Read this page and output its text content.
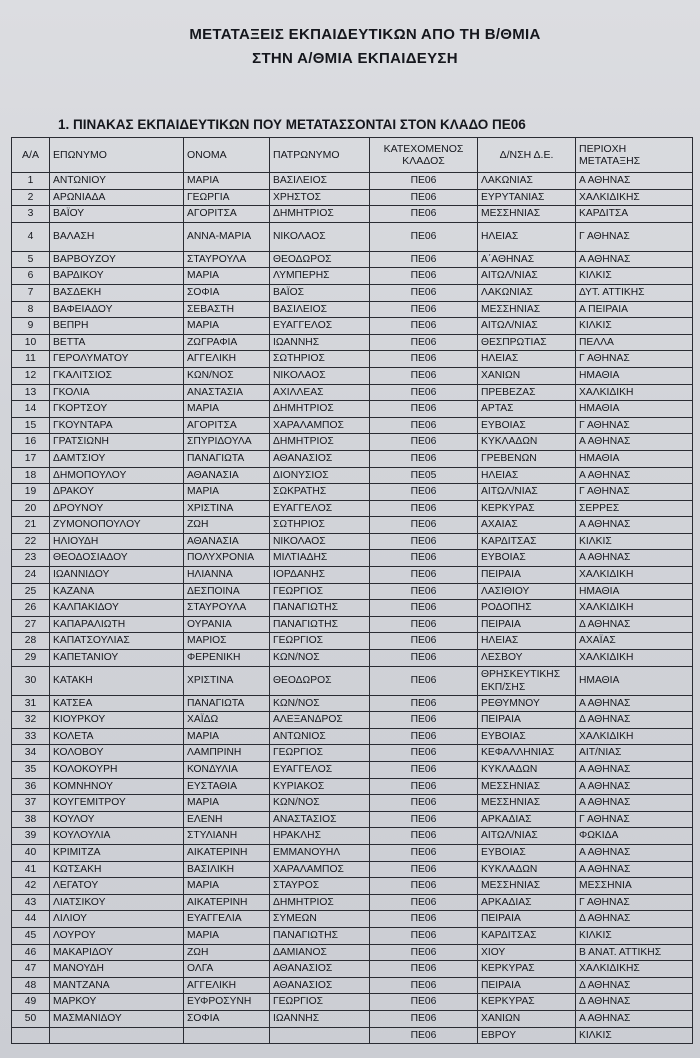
ΜΕΤΑΤΑΞΕΙΣ ΕΚΠΑΙΔΕΥΤΙΚΩΝ ΑΠΟ ΤΗ Β/ΘΜΙΑ
ΣΤΗΝ Α/ΘΜΙΑ ΕΚΠΑΙΔΕΥΣΗ
1. ΠΙΝΑΚΑΣ ΕΚΠΑΙΔΕΥΤΙΚΩΝ ΠΟΥ ΜΕΤΑΤΑΣΣΟΝΤΑΙ ΣΤΟΝ ΚΛΑΔΟ ΠΕ06
Α/Α	ΕΠΩΝΥΜΟ	ΟΝΟΜΑ	ΠΑΤΡΩΝΥΜΟ	ΚΑΤΕΧΟΜΕΝΟΣ ΚΛΑΔΟΣ	Δ/ΝΣΗ Δ.Ε.	ΠΕΡΙΟΧΗ ΜΕΤΑΤΑΞΗΣ
1	ΑΝΤΩΝΙΟΥ	ΜΑΡΙΑ	ΒΑΣΙΛΕΙΟΣ	ΠΕ06	ΛΑΚΩΝΙΑΣ	Α ΑΘΗΝΑΣ
2	ΑΡΩΝΙΑΔΑ	ΓΕΩΡΓΙΑ	ΧΡΗΣΤΟΣ	ΠΕ06	ΕΥΡΥΤΑΝΙΑΣ	ΧΑΛΚΙΔΙΚΗΣ
3	ΒΑΪΟΥ	ΑΓΟΡΙΤΣΑ	ΔΗΜΗΤΡΙΟΣ	ΠΕ06	ΜΕΣΣΗΝΙΑΣ	ΚΑΡΔΙΤΣΑ
4	ΒΑΛΑΣΗ	ΑΝΝΑ-ΜΑΡΙΑ	ΝΙΚΟΛΑΟΣ	ΠΕ06	ΗΛΕΙΑΣ	Γ ΑΘΗΝΑΣ
5	ΒΑΡΒΟΥΖΟΥ	ΣΤΑΥΡΟΥΛΑ	ΘΕΟΔΩΡΟΣ	ΠΕ06	Α΄ΑΘΗΝΑΣ	Α ΑΘΗΝΑΣ
6	ΒΑΡΔΙΚΟΥ	ΜΑΡΙΑ	ΛΥΜΠΕΡΗΣ	ΠΕ06	ΑΙΤΩΛ/ΝΙΑΣ	ΚΙΛΚΙΣ
7	ΒΑΣΔΕΚΗ	ΣΟΦΙΑ	ΒΑΪΟΣ	ΠΕ06	ΛΑΚΩΝΙΑΣ	ΔΥΤ. ΑΤΤΙΚΗΣ
8	ΒΑΦΕΙΑΔΟΥ	ΣΕΒΑΣΤΗ	ΒΑΣΙΛΕΙΟΣ	ΠΕ06	ΜΕΣΣΗΝΙΑΣ	Α ΠΕΙΡΑΙΑ
9	ΒΕΠΡΗ	ΜΑΡΙΑ	ΕΥΑΓΓΕΛΟΣ	ΠΕ06	ΑΙΤΩΛ/ΝΙΑΣ	ΚΙΛΚΙΣ
10	ΒΕΤΤΑ	ΖΩΓΡΑΦΙΑ	ΙΩΑΝΝΗΣ	ΠΕ06	ΘΕΣΠΡΩΤΙΑΣ	ΠΕΛΛΑ
11	ΓΕΡΟΛΥΜΑΤΟΥ	ΑΓΓΕΛΙΚΗ	ΣΩΤΗΡΙΟΣ	ΠΕ06	ΗΛΕΙΑΣ	Γ ΑΘΗΝΑΣ
12	ΓΚΑΛΙΤΣΙΟΣ	ΚΩΝ/ΝΟΣ	ΝΙΚΟΛΑΟΣ	ΠΕ06	ΧΑΝΙΩΝ	ΗΜΑΘΙΑ
13	ΓΚΟΛΙΑ	ΑΝΑΣΤΑΣΙΑ	ΑΧΙΛΛΕΑΣ	ΠΕ06	ΠΡΕΒΕΖΑΣ	ΧΑΛΚΙΔΙΚΗ
14	ΓΚΟΡΤΣΟΥ	ΜΑΡΙΑ	ΔΗΜΗΤΡΙΟΣ	ΠΕ06	ΑΡΤΑΣ	ΗΜΑΘΙΑ
15	ΓΚΟΥΝΤΑΡΑ	ΑΓΟΡΙΤΣΑ	ΧΑΡΑΛΑΜΠΟΣ	ΠΕ06	ΕΥΒΟΙΑΣ	Γ ΑΘΗΝΑΣ
16	ΓΡΑΤΣΙΩΝΗ	ΣΠΥΡΙΔΟΥΛΑ	ΔΗΜΗΤΡΙΟΣ	ΠΕ06	ΚΥΚΛΑΔΩΝ	Α ΑΘΗΝΑΣ
17	ΔΑΜΤΣΙΟΥ	ΠΑΝΑΓΙΩΤΑ	ΑΘΑΝΑΣΙΟΣ	ΠΕ06	ΓΡΕΒΕΝΩΝ	ΗΜΑΘΙΑ
18	ΔΗΜΟΠΟΥΛΟΥ	ΑΘΑΝΑΣΙΑ	ΔΙΟΝΥΣΙΟΣ	ΠΕ05	ΗΛΕΙΑΣ	Α ΑΘΗΝΑΣ
19	ΔΡΑΚΟΥ	ΜΑΡΙΑ	ΣΩΚΡΑΤΗΣ	ΠΕ06	ΑΙΤΩΛ/ΝΙΑΣ	Γ ΑΘΗΝΑΣ
20	ΔΡΟΥΝΟΥ	ΧΡΙΣΤΙΝΑ	ΕΥΑΓΓΕΛΟΣ	ΠΕ06	ΚΕΡΚΥΡΑΣ	ΣΕΡΡΕΣ
21	ΖΥΜΟΝΟΠΟΥΛΟΥ	ΖΩΗ	ΣΩΤΗΡΙΟΣ	ΠΕ06	ΑΧΑΙΑΣ	Α ΑΘΗΝΑΣ
22	ΗΛΙΟΥΔΗ	ΑΘΑΝΑΣΙΑ	ΝΙΚΟΛΑΟΣ	ΠΕ06	ΚΑΡΔΙΤΣΑΣ	ΚΙΛΚΙΣ
23	ΘΕΟΔΟΣΙΑΔΟΥ	ΠΟΛΥΧΡΟΝΙΑ	ΜΙΛΤΙΑΔΗΣ	ΠΕ06	ΕΥΒΟΙΑΣ	Α ΑΘΗΝΑΣ
24	ΙΩΑΝΝΙΔΟΥ	ΗΛΙΑΝΝΑ	ΙΟΡΔΑΝΗΣ	ΠΕ06	ΠΕΙΡΑΙΑ	ΧΑΛΚΙΔΙΚΗ
25	ΚΑΖΑΝΑ	ΔΕΣΠΟΙΝΑ	ΓΕΩΡΓΙΟΣ	ΠΕ06	ΛΑΣΙΘΙΟΥ	ΗΜΑΘΙΑ
26	ΚΑΛΠΑΚΙΔΟΥ	ΣΤΑΥΡΟΥΛΑ	ΠΑΝΑΓΙΩΤΗΣ	ΠΕ06	ΡΟΔΟΠΗΣ	ΧΑΛΚΙΔΙΚΗ
27	ΚΑΠΑΡΑΛΙΩΤΗ	ΟΥΡΑΝΙΑ	ΠΑΝΑΓΙΩΤΗΣ	ΠΕ06	ΠΕΙΡΑΙΑ	Δ ΑΘΗΝΑΣ
28	ΚΑΠΑΤΣΟΥΛΙΑΣ	ΜΑΡΙΟΣ	ΓΕΩΡΓΙΟΣ	ΠΕ06	ΗΛΕΙΑΣ	ΑΧΑΪΑΣ
29	ΚΑΠΕΤΑΝΙΟΥ	ΦΕΡΕΝΙΚΗ	ΚΩΝ/ΝΟΣ	ΠΕ06	ΛΕΣΒΟΥ	ΧΑΛΚΙΔΙΚΗ
30	ΚΑΤΑΚΗ	ΧΡΙΣΤΙΝΑ	ΘΕΟΔΩΡΟΣ	ΠΕ06	ΘΡΗΣΚΕΥΤΙΚΗΣ ΕΚΠ/ΣΗΣ	ΗΜΑΘΙΑ
31	ΚΑΤΣΕΑ	ΠΑΝΑΓΙΩΤΑ	ΚΩΝ/ΝΟΣ	ΠΕ06	ΡΕΘΥΜΝΟΥ	Α ΑΘΗΝΑΣ
32	ΚΙΟΥΡΚΟΥ	ΧΑΪΔΩ	ΑΛΕΞΑΝΔΡΟΣ	ΠΕ06	ΠΕΙΡΑΙΑ	Δ ΑΘΗΝΑΣ
33	ΚΟΛΕΤΑ	ΜΑΡΙΑ	ΑΝΤΩΝΙΟΣ	ΠΕ06	ΕΥΒΟΙΑΣ	ΧΑΛΚΙΔΙΚΗ
34	ΚΟΛΟΒΟΥ	ΛΑΜΠΡΙΝΗ	ΓΕΩΡΓΙΟΣ	ΠΕ06	ΚΕΦΑΛΛΗΝΙΑΣ	ΑΙΤ/ΝΙΑΣ
35	ΚΟΛΟΚΟΥΡΗ	ΚΟΝΔΥΛΙΑ	ΕΥΑΓΓΕΛΟΣ	ΠΕ06	ΚΥΚΛΑΔΩΝ	Α ΑΘΗΝΑΣ
36	ΚΟΜΝΗΝΟΥ	ΕΥΣΤΑΘΙΑ	ΚΥΡΙΑΚΟΣ	ΠΕ06	ΜΕΣΣΗΝΙΑΣ	Α ΑΘΗΝΑΣ
37	ΚΟΥΓΕΜΙΤΡΟΥ	ΜΑΡΙΑ	ΚΩΝ/ΝΟΣ	ΠΕ06	ΜΕΣΣΗΝΙΑΣ	Α ΑΘΗΝΑΣ
38	ΚΟΥΛΟΥ	ΕΛΕΝΗ	ΑΝΑΣΤΑΣΙΟΣ	ΠΕ06	ΑΡΚΑΔΙΑΣ	Γ ΑΘΗΝΑΣ
39	ΚΟΥΛΟΥΛΙΑ	ΣΤΥΛΙΑΝΗ	ΗΡΑΚΛΗΣ	ΠΕ06	ΑΙΤΩΛ/ΝΙΑΣ	ΦΩΚΙΔΑ
40	ΚΡΙΜΙΤΖΑ	ΑΙΚΑΤΕΡΙΝΗ	ΕΜΜΑΝΟΥΗΛ	ΠΕ06	ΕΥΒΟΙΑΣ	Α ΑΘΗΝΑΣ
41	ΚΩΤΣΑΚΗ	ΒΑΣΙΛΙΚΗ	ΧΑΡΑΛΑΜΠΟΣ	ΠΕ06	ΚΥΚΛΑΔΩΝ	Α ΑΘΗΝΑΣ
42	ΛΕΓΑΤΟΥ	ΜΑΡΙΑ	ΣΤΑΥΡΟΣ	ΠΕ06	ΜΕΣΣΗΝΙΑΣ	ΜΕΣΣΗΝΙΑ
43	ΛΙΑΤΣΙΚΟΥ	ΑΙΚΑΤΕΡΙΝΗ	ΔΗΜΗΤΡΙΟΣ	ΠΕ06	ΑΡΚΑΔΙΑΣ	Γ ΑΘΗΝΑΣ
44	ΛΙΛΙΟΥ	ΕΥΑΓΓΕΛΙΑ	ΣΥΜΕΩΝ	ΠΕ06	ΠΕΙΡΑΙΑ	Δ ΑΘΗΝΑΣ
45	ΛΟΥΡΟΥ	ΜΑΡΙΑ	ΠΑΝΑΓΙΩΤΗΣ	ΠΕ06	ΚΑΡΔΙΤΣΑΣ	ΚΙΛΚΙΣ
46	ΜΑΚΑΡΙΔΟΥ	ΖΩΗ	ΔΑΜΙΑΝΟΣ	ΠΕ06	ΧΙΟΥ	Β ΑΝΑΤ. ΑΤΤΙΚΗΣ
47	ΜΑΝΟΥΔΗ	ΟΛΓΑ	ΑΘΑΝΑΣΙΟΣ	ΠΕ06	ΚΕΡΚΥΡΑΣ	ΧΑΛΚΙΔΙΚΗΣ
48	ΜΑΝΤΖΑΝΑ	ΑΓΓΕΛΙΚΗ	ΑΘΑΝΑΣΙΟΣ	ΠΕ06	ΠΕΙΡΑΙΑ	Δ ΑΘΗΝΑΣ
49	ΜΑΡΚΟΥ	ΕΥΦΡΟΣΥΝΗ	ΓΕΩΡΓΙΟΣ	ΠΕ06	ΚΕΡΚΥΡΑΣ	Δ ΑΘΗΝΑΣ
50	ΜΑΣΜΑΝΙΔΟΥ	ΣΟΦΙΑ	ΙΩΑΝΝΗΣ	ΠΕ06	ΧΑΝΙΩΝ	Α ΑΘΗΝΑΣ
				ΠΕ06	ΕΒΡΟΥ	ΚΙΛΚΙΣ
